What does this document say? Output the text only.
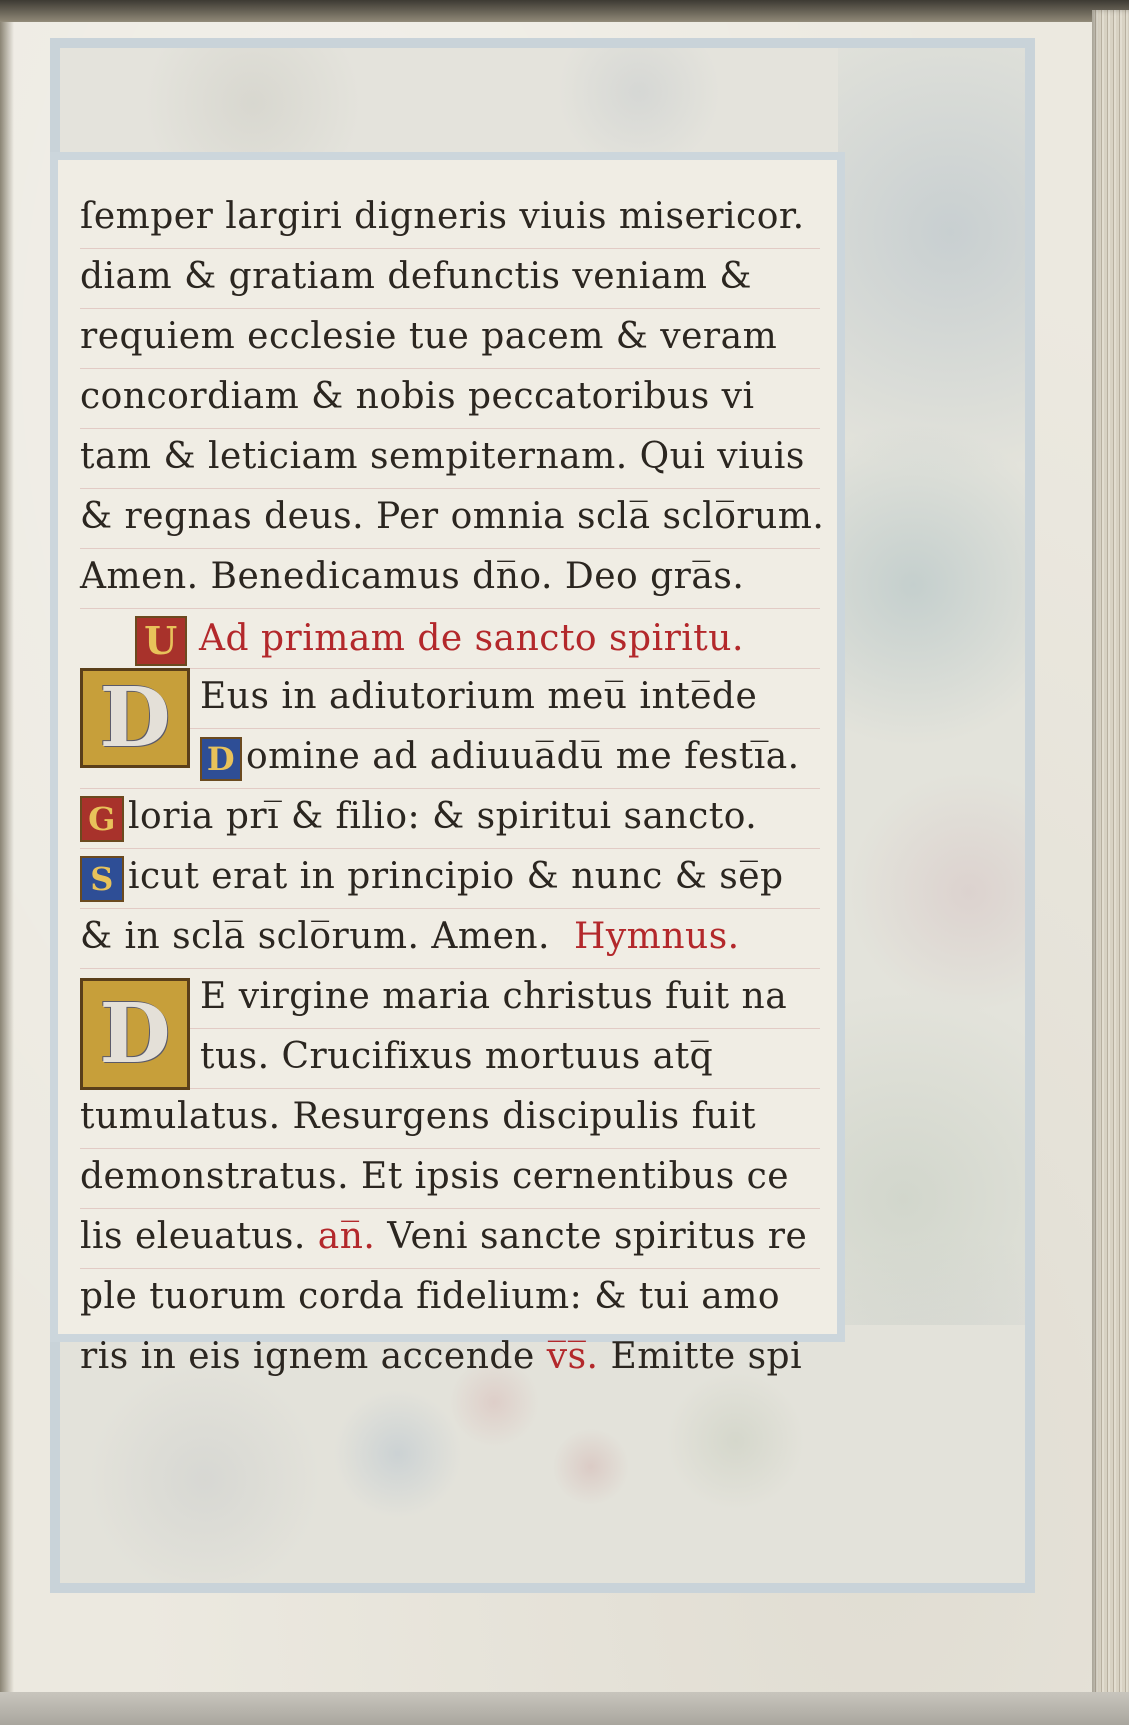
ſemper largiri digneris viuis misericor.
diam & gratiam defunctis veniam &
requiem ecclesie tue pacem & veram
concordiam & nobis peccatoribus vi
tam & leticiam sempiternam. Qui viuis
& regnas deus. Per omnia scla̅ sclo̅rum.
Amen. Benedicamus dn̅o. Deo gra̅s.
U Ad primam de sancto spiritu.
D Eus in adiutorium meu̅ inte̅de
D omine ad adiuua̅du̅ me festi̅a.
G loria pri̅ & filio: & spiritui sancto.
S icut erat in principio & nunc & se̅p
& in scla̅ sclo̅rum. Amen. Hymnus.
D E virgine maria christus fuit na
tus. Crucifixus mortuus atq̅
tumulatus. Resurgens discipulis fuit
demonstratus. Et ipsis cernentibus ce
lis eleuatus. an̅. Veni sancte spiritus re
ple tuorum corda fidelium: & tui amo
ris in eis ignem accende v̅s̅. Emitte spi
